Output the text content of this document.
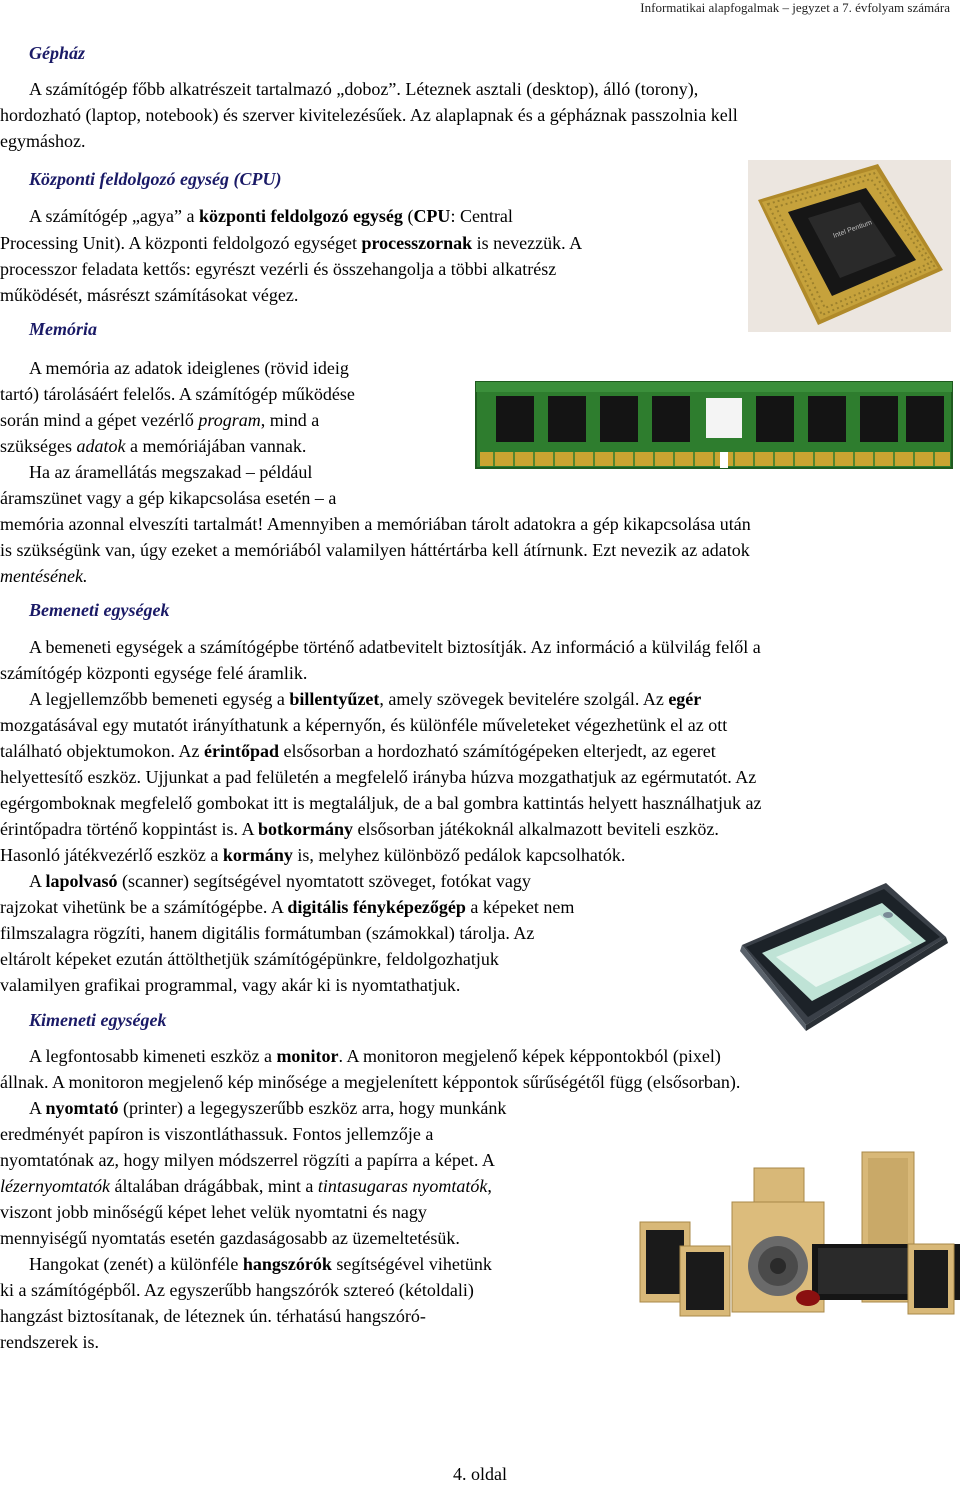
Informatikai alapfogalmak – jegyzet a 7. évfolyam számára
Gépház
A számítógép főbb alkatrészeit tartalmazó „doboz”. Léteznek asztali (desktop), álló (torony),
hordozható (laptop, notebook) és szerver kivitelezésűek. Az alaplapnak és a gépháznak passzolnia kell
egymáshoz.
Központi feldolgozó egység (CPU)
A számítógép „agya” a központi feldolgozó egység (CPU: Central
Processing Unit). A központi feldolgozó egységet processzornak is nevezzük. A
processzor feladata kettős: egyrészt vezérli és összehangolja a többi alkatrész
működését, másrészt számításokat végez.
Intel Pentium
Memória
A memória az adatok ideiglenes (rövid ideig
tartó) tárolásáért felelős. A számítógép működése
során mind a gépet vezérlő program, mind a
szükséges adatok a memóriájában vannak.
Ha az áramellátás megszakad – például
áramszünet vagy a gép kikapcsolása esetén – a
memória azonnal elveszíti tartalmát! Amennyiben a memóriában tárolt adatokra a gép kikapcsolása után
is szükségünk van, úgy ezeket a memóriából valamilyen háttértárba kell átírnunk. Ezt nevezik az adatok
mentésének.
Bemeneti egységek
A bemeneti egységek a számítógépbe történő adatbevitelt biztosítják. Az információ a külvilág felől a
számítógép központi egysége felé áramlik.
A legjellemzőbb bemeneti egység a billentyűzet, amely szövegek bevitelére szolgál. Az egér
mozgatásával egy mutatót irányíthatunk a képernyőn, és különféle műveleteket végezhetünk el az ott
található objektumokon. Az érintőpad elsősorban a hordozható számítógépeken elterjedt, az egeret
helyettesítő eszköz. Ujjunkat a pad felületén a megfelelő irányba húzva mozgathatjuk az egérmutatót. Az
egérgomboknak megfelelő gombokat itt is megtaláljuk, de a bal gombra kattintás helyett használhatjuk az
érintőpadra történő koppintást is. A botkormány elsősorban játékoknál alkalmazott beviteli eszköz.
Hasonló játékvezérlő eszköz a kormány is, melyhez különböző pedálok kapcsolhatók.
A lapolvasó (scanner) segítségével nyomtatott szöveget, fotókat vagy
rajzokat vihetünk be a számítógépbe. A digitális fényképezőgép a képeket nem
filmszalagra rögzíti, hanem digitális formátumban (számokkal) tárolja. Az
eltárolt képeket ezután áttölthetjük számítógépünkre, feldolgozhatjuk
valamilyen grafikai programmal, vagy akár ki is nyomtathatjuk.
Kimeneti egységek
A legfontosabb kimeneti eszköz a monitor. A monitoron megjelenő képek képpontokból (pixel)
állnak. A monitoron megjelenő kép minősége a megjelenített képpontok sűrűségétől függ (elsősorban).
A nyomtató (printer) a legegyszerűbb eszköz arra, hogy munkánk
eredményét papíron is viszontláthassuk. Fontos jellemzője a
nyomtatónak az, hogy milyen módszerrel rögzíti a papírra a képet. A
lézernyomtatók általában drágábbak, mint a tintasugaras nyomtatók,
viszont jobb minőségű képet lehet velük nyomtatni és nagy
mennyiségű nyomtatás esetén gazdaságosabb az üzemeltetésük.
Hangokat (zenét) a különféle hangszórók segítségével vihetünk
ki a számítógépből. Az egyszerűbb hangszórók sztereó (kétoldali)
hangzást biztosítanak, de léteznek ún. térhatású hangszóró-
rendszerek is.
4. oldal
